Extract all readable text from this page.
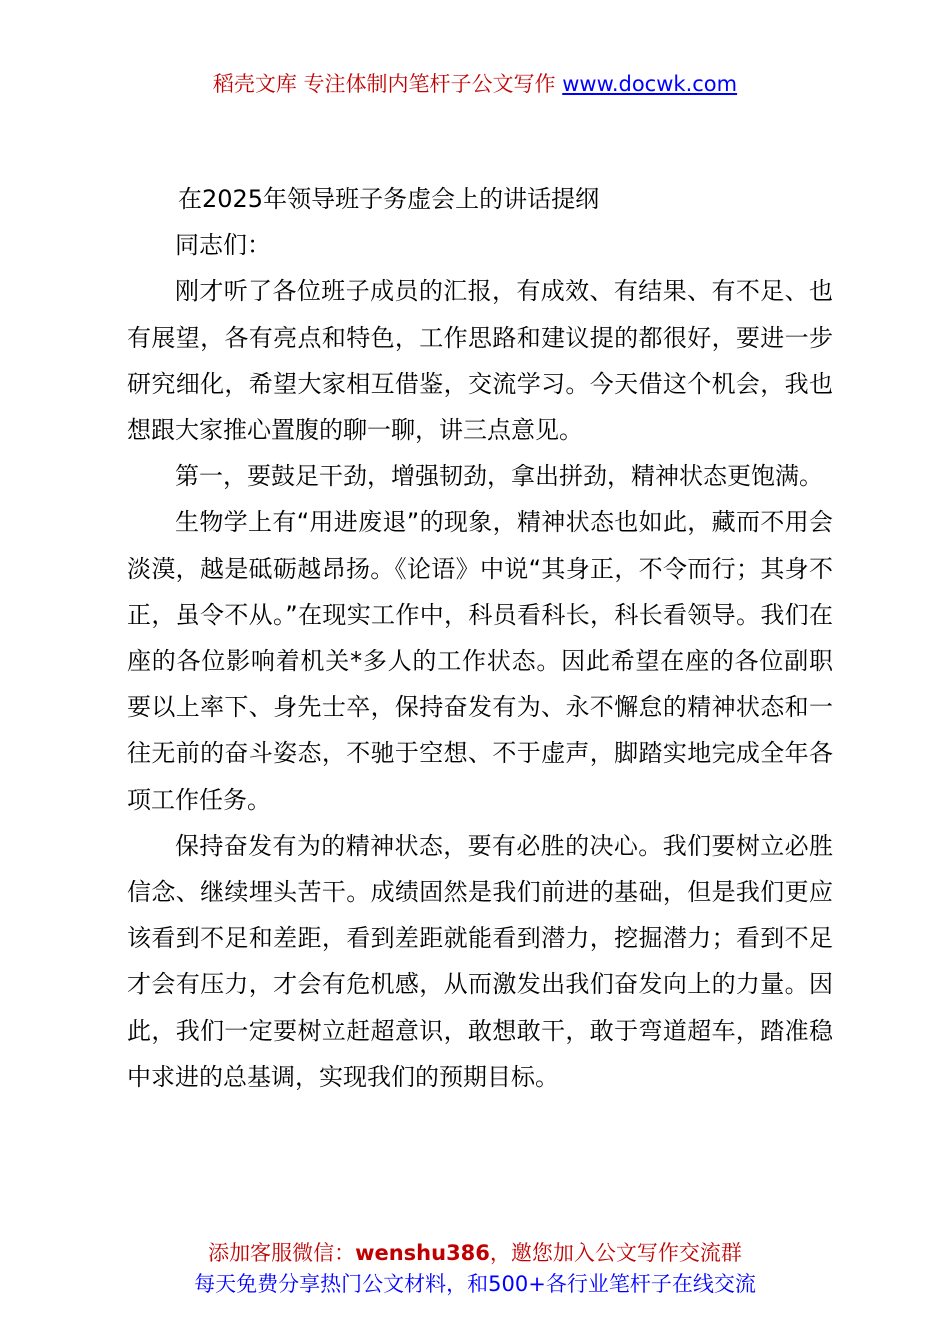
稻壳文库 专注体制内笔杆子公文写作 www.docwk.com

在2025年领导班子务虚会上的讲话提纲

同志们：

刚才听了各位班子成员的汇报，有成效、有结果、有不足、也有展望，各有亮点和特色，工作思路和建议提的都很好，要进一步研究细化，希望大家相互借鉴，交流学习。今天借这个机会，我也想跟大家推心置腹的聊一聊，讲三点意见。

第一，要鼓足干劲，增强韧劲，拿出拼劲，精神状态更饱满。

生物学上有“用进废退”的现象，精神状态也如此，藏而不用会淡漠，越是砥砺越昂扬。《论语》中说“其身正，不令而行；其身不正，虽令不从。”在现实工作中，科员看科长，科长看领导。我们在座的各位影响着机关*多人的工作状态。因此希望在座的各位副职要以上率下、身先士卒，保持奋发有为、永不懈怠的精神状态和一往无前的奋斗姿态，不驰于空想、不于虚声，脚踏实地完成全年各项工作任务。

保持奋发有为的精神状态，要有必胜的决心。我们要树立必胜信念、继续埋头苦干。成绩固然是我们前进的基础，但是我们更应该看到不足和差距，看到差距就能看到潜力，挖掘潜力；看到不足才会有压力，才会有危机感，从而激发出我们奋发向上的力量。因此，我们一定要树立赶超意识，敢想敢干，敢于弯道超车，踏准稳中求进的总基调，实现我们的预期目标。

添加客服微信：wenshu386，邀您加入公文写作交流群
每天免费分享热门公文材料，和500+各行业笔杆子在线交流
